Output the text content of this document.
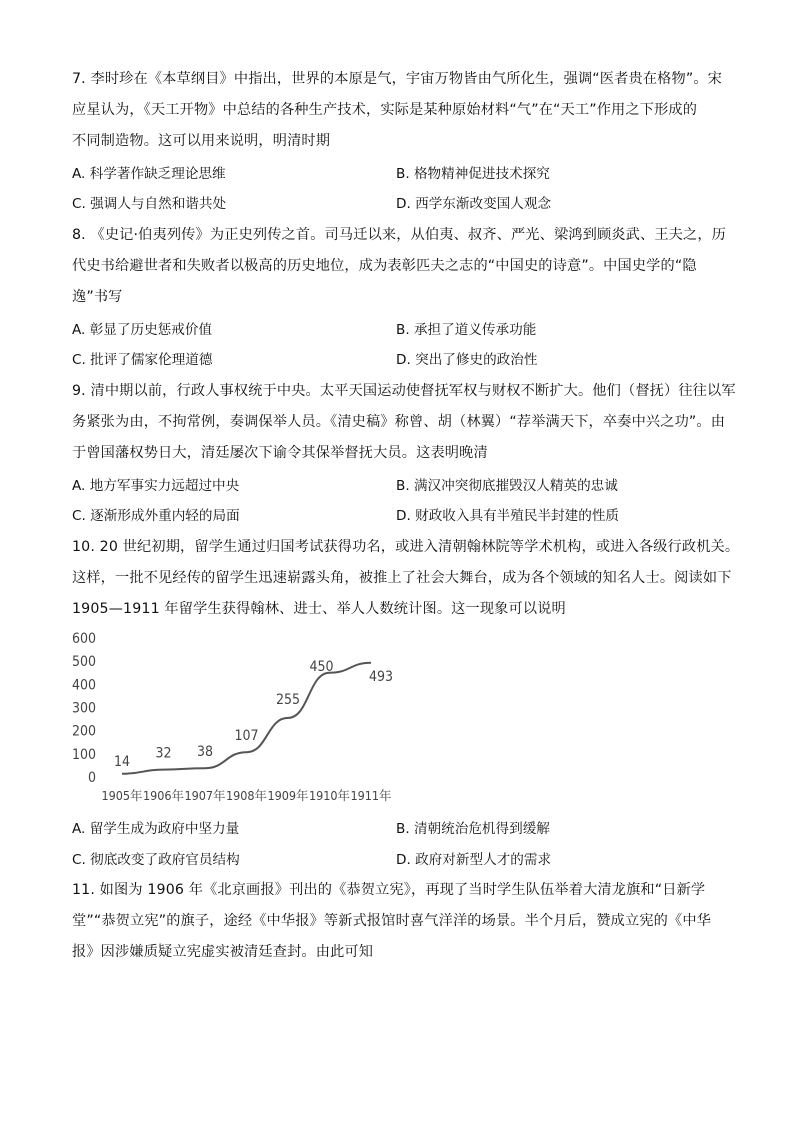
7. 李时珍在《本草纲目》中指出，世界的本原是气，宇宙万物皆由气所化生，强调“医者贵在格物”。宋
应星认为，《天工开物》中总结的各种生产技术，实际是某种原始材料“气”在“天工”作用之下形成的
不同制造物。这可以用来说明，明清时期
A. 科学著作缺乏理论思维	B. 格物精神促进技术探究
C. 强调人与自然和谐共处	D. 西学东渐改变国人观念
8. 《史记·伯夷列传》为正史列传之首。司马迁以来，从伯夷、叔齐、严光、梁鸿到顾炎武、王夫之，历
代史书给避世者和失败者以极高的历史地位，成为表彰匹夫之志的“中国史的诗意”。中国史学的“隐
逸”书写
A. 彰显了历史惩戒价值	B. 承担了道义传承功能
C. 批评了儒家伦理道德	D. 突出了修史的政治性
9. 清中期以前，行政人事权统于中央。太平天国运动使督抚军权与财权不断扩大。他们（督抚）往往以军
务紧张为由，不拘常例，奏调保举人员。《清史稿》称曾、胡（林翼）“荐举满天下，卒奏中兴之功”。由
于曾国藩权势日大，清廷屡次下谕令其保举督抚大员。这表明晚清
A. 地方军事实力远超过中央	B. 满汉冲突彻底摧毁汉人精英的忠诚
C. 逐渐形成外重内轻的局面	D. 财政收入具有半殖民半封建的性质
10. 20 世纪初期，留学生通过归国考试获得功名，或进入清朝翰林院等学术机构，或进入各级行政机关。
这样，一批不见经传的留学生迅速崭露头角，被推上了社会大舞台，成为各个领域的知名人士。阅读如下
1905—1911 年留学生获得翰林、进士、举人人数统计图。这一现象可以说明
0
100
200
300
400
500
600
1905年 1906年 1907年 1908年 1909年 1910年 1911年
14
32 38
107
255
450
493
A. 留学生成为政府中坚力量	B. 清朝统治危机得到缓解
C. 彻底改变了政府官员结构	D. 政府对新型人才的需求
11. 如图为 1906 年《北京画报》刊出的《恭贺立宪》，再现了当时学生队伍举着大清龙旗和“日新学
堂”“恭贺立宪”的旗子，途经《中华报》等新式报馆时喜气洋洋的场景。半个月后，赞成立宪的《中华
报》因涉嫌质疑立宪虚实被清廷查封。由此可知
